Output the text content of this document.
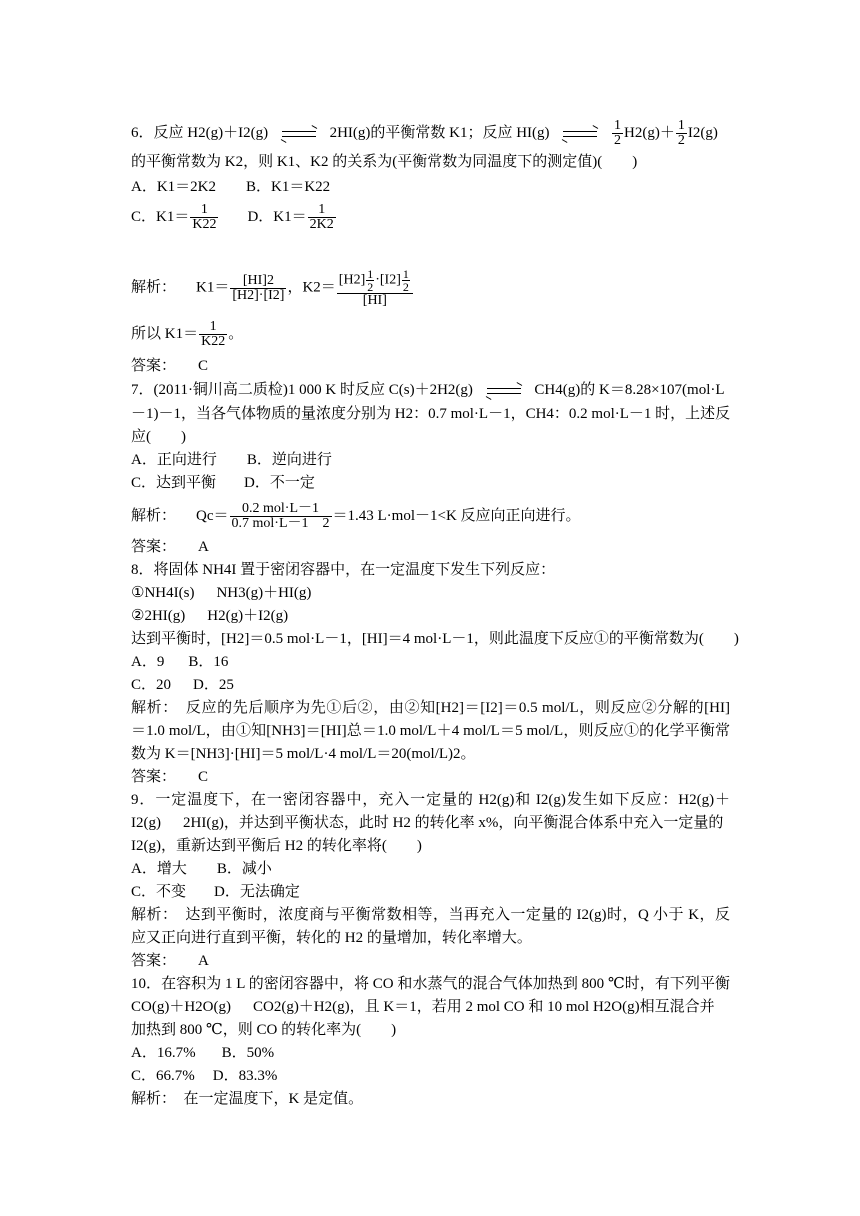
6．反应 H2(g)＋I2(g)	2HI(g)的平衡常数 K1；反应 HI(g)
	$\frac{1}{2} H2(g)+ \frac{1}{2} I2(g)$
的平衡常数为 K2，则 K1、K2 的关系为(平衡常数为同温度下的测定值)(　　)
A．K1＝2K2 B．K1＝K22
C．$K1= \frac{1}{K22}$ D．$K1= \frac{1}{2K2}$
解析： $K1= \frac{[HI]2}{[H2]\cdot[I2]}$ ，$K2= \frac{[H2] \frac{1}{2} \cdot[I2] \frac{1}{2}}{[HI]}$
所以 $K1= \frac{1}{K22}$ 。
答案： C
7．(2011·铜川高二质检)1 000 K 时反应 C(s)＋2H2(g)	CH4(g)的 K＝8.28×107(mol·L
－1)－1，当各气体物质的量浓度分别为 H2：0.7 mol·L－1，CH4：0.2 mol·L－1 时，上述反
应(　　)
A．正向进行 B．逆向进行
C．达到平衡 D．不一定
解析： $Qc= \frac{\text{0.2 mol·L－1}}{\text{0.7 mol·L－1　2}} =1.43$ L·mol－1<K 反应向正向进行。
答案： A
8．将固体 NH4I 置于密闭容器中，在一定温度下发生下列反应：
①NH4I(s) NH3(g)＋HI(g)
②2HI(g) H2(g)＋I2(g)
达到平衡时，[H2]＝0.5 mol·L－1，[HI]＝4 mol·L－1，则此温度下反应①的平衡常数为(　　)
A．9 B．16
C．20 D．25
解析：　反应的先后顺序为先①后②，由②知[H2]＝[I2]＝0.5 mol/L，则反应②分解的[HI]
＝1.0 mol/L，由①知[NH3]＝[HI]总＝1.0 mol/L＋4 mol/L＝5 mol/L，则反应①的化学平衡常
数为 K＝[NH3]·[HI]＝5 mol/L·4 mol/L＝20(mol/L)2。
答案： C
9．一定温度下，在一密闭容器中，充入一定量的 H2(g)和 I2(g)发生如下反应：H2(g)＋
I2(g) 2HI(g)，并达到平衡状态，此时 H2 的转化率 x%，向平衡混合体系中充入一定量的
I2(g)，重新达到平衡后 H2 的转化率将(　　)
A．增大 B．减小
C．不变 D．无法确定
解析：　达到平衡时，浓度商与平衡常数相等，当再充入一定量的 I2(g)时，Q 小于 K，反
应又正向进行直到平衡，转化的 H2 的量增加，转化率增大。
答案： A
10．在容积为 1 L 的密闭容器中，将 CO 和水蒸气的混合气体加热到 800 ℃时，有下列平衡
CO(g)＋H2O(g) CO2(g)＋H2(g)，且 K＝1，若用 2 mol CO 和 10 mol H2O(g)相互混合并
加热到 800 ℃，则 CO 的转化率为(　　)
A．16.7% B．50%
C．66.7% D．83.3%
解析：　在一定温度下，K 是定值。
